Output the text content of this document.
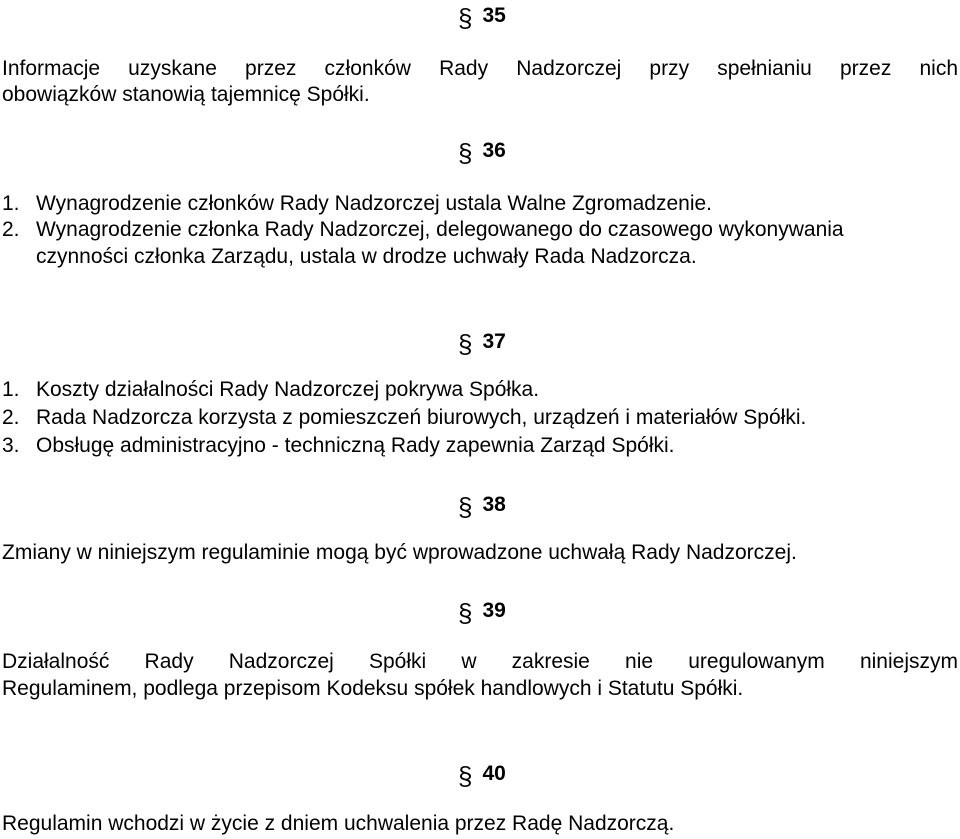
§ 35
Informacje uzyskane przez członków Rady Nadzorczej przy spełnianiu przez nich
obowiązków stanowią tajemnicę Spółki.
§ 36
1. Wynagrodzenie członków Rady Nadzorczej ustala Walne Zgromadzenie.
2. Wynagrodzenie członka Rady Nadzorczej, delegowanego do czasowego wykonywania
czynności członka Zarządu, ustala w drodze uchwały Rada Nadzorcza.
§ 37
1. Koszty działalności Rady Nadzorczej pokrywa Spółka.
2. Rada Nadzorcza korzysta z pomieszczeń biurowych, urządzeń i materiałów Spółki.
3. Obsługę administracyjno - techniczną Rady zapewnia Zarząd Spółki.
§ 38
Zmiany w niniejszym regulaminie mogą być wprowadzone uchwałą Rady Nadzorczej.
§ 39
Działalność Rady Nadzorczej Spółki w zakresie nie uregulowanym niniejszym
Regulaminem, podlega przepisom Kodeksu spółek handlowych i Statutu Spółki.
§ 40
Regulamin wchodzi w życie z dniem uchwalenia przez Radę Nadzorczą.
